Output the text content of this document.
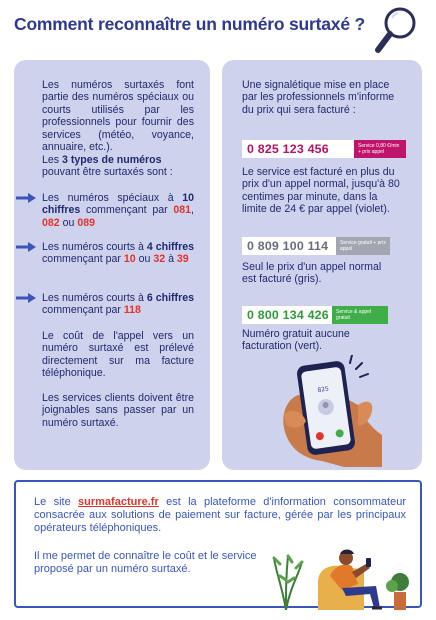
Comment reconnaître un numéro surtaxé ?
Les numéros surtaxés font partie des numéros spéciaux ou courts utilisés par les professionnels pour fournir des services (météo, voyance, annuaire, etc.).
Les 3 types de numéros
pouvant être surtaxés sont :
Les numéros spéciaux à 10 chiffres commençant par 081, 082 ou 089
Les numéros courts à 4 chiffres commençant par 10 ou 32 à 39
Les numéros courts à 6 chiffres commençant par 118
Le coût de l'appel vers un numéro surtaxé est prélevé directement sur ma facture téléphonique.
Les services clients doivent être joignables sans passer par un numéro surtaxé.
Une signalétique mise en place par les professionnels m'informe du prix qui sera facturé :
0 825 123 456	Service 0,80 €/min + prix appel
Le service est facturé en plus du prix d'un appel normal, jusqu'à 80 centimes par minute, dans la limite de 24 € par appel (violet).
0 809 100 114	Service gratuit + prix appel
Seul le prix d'un appel normal est facturé (gris).
0 800 134 426	Service & appel gratuit
Numéro gratuit aucune facturation (vert).
825
Le site surmafacture.fr est la plateforme d'information consommateur consacrée aux solutions de paiement sur facture, gérée par les principaux opérateurs téléphoniques.
Il me permet de connaître le coût et le service proposé par un numéro surtaxé.
